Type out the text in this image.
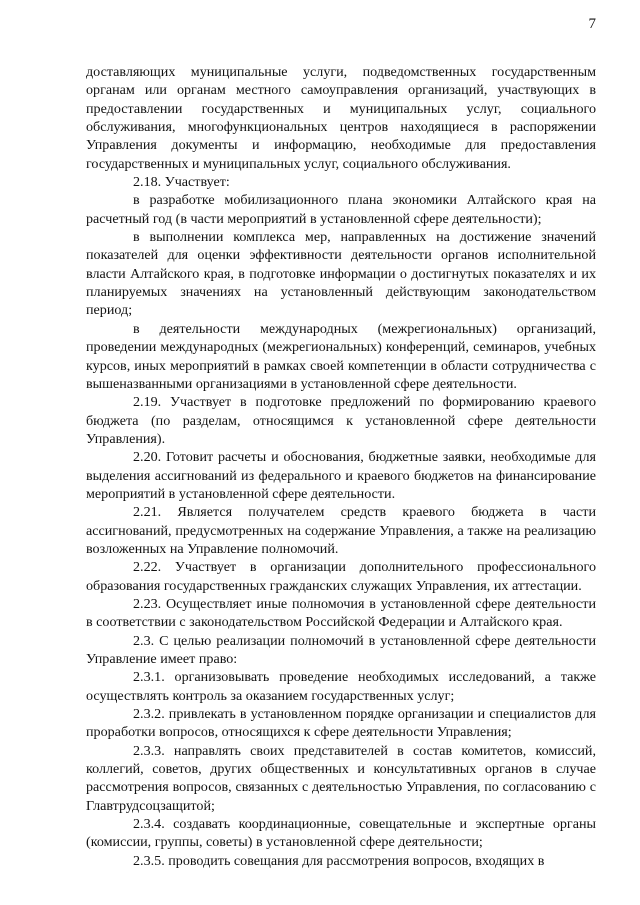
7

доставляющих муниципальные услуги, подведомственных государственным органам или органам местного самоуправления организаций, участвующих в предоставлении государственных и муниципальных услуг, социального обслуживания, многофункциональных центров находящиеся в распоряжении Управления документы и информацию, необходимые для предоставления государственных и муниципальных услуг, социального обслуживания.

2.18. Участвует:

в разработке мобилизационного плана экономики Алтайского края на расчетный год (в части мероприятий в установленной сфере деятельности);

в выполнении комплекса мер, направленных на достижение значений показателей для оценки эффективности деятельности органов исполнительной власти Алтайского края, в подготовке информации о достигнутых показателях и их планируемых значениях на установленный действующим законодательством период;

в деятельности международных (межрегиональных) организаций, проведении международных (межрегиональных) конференций, семинаров, учебных курсов, иных мероприятий в рамках своей компетенции в области сотрудничества с вышеназванными организациями в установленной сфере деятельности.

2.19. Участвует в подготовке предложений по формированию краевого бюджета (по разделам, относящимся к установленной сфере деятельности Управления).

2.20. Готовит расчеты и обоснования, бюджетные заявки, необходимые для выделения ассигнований из федерального и краевого бюджетов на финансирование мероприятий в установленной сфере деятельности.

2.21. Является получателем средств краевого бюджета в части ассигнований, предусмотренных на содержание Управления, а также на реализацию возложенных на Управление полномочий.

2.22. Участвует в организации дополнительного профессионального образования государственных гражданских служащих Управления, их аттестации.

2.23. Осуществляет иные полномочия в установленной сфере деятельности в соответствии с законодательством Российской Федерации и Алтайского края.

2.3. С целью реализации полномочий в установленной сфере деятельности Управление имеет право:

2.3.1. организовывать проведение необходимых исследований, а также осуществлять контроль за оказанием государственных услуг;

2.3.2. привлекать в установленном порядке организации и специалистов для проработки вопросов, относящихся к сфере деятельности Управления;

2.3.3. направлять своих представителей в состав комитетов, комиссий, коллегий, советов, других общественных и консультативных органов в случае рассмотрения вопросов, связанных с деятельностью Управления, по согласованию с Главтрудсоцзащитой;

2.3.4. создавать координационные, совещательные и экспертные органы (комиссии, группы, советы) в установленной сфере деятельности;

2.3.5. проводить совещания для рассмотрения вопросов, входящих в
